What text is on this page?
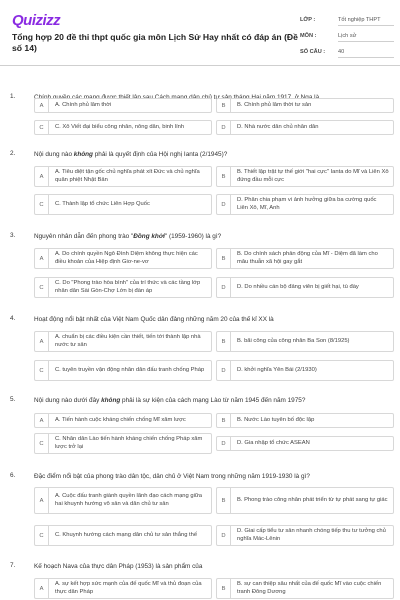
Quizizz
Tổng hợp 20 đề thi thpt quốc gia môn Lịch Sử Hay nhất có đáp án (Đề số 14)
LỚP :	Tốt nghiệp THPT
MÔN :	Lịch sử
SỐ CÂU : 40
1.
A	A. Chính phủ lâm thời	B	B. Chính phủ lâm thời tư sản
C	C. Xô Viết đại biểu công nhân, nông dân, binh lính	D	D. Nhà nước dân chủ nhân dân
2.	Nội dung nào không phải là quyết định của Hội nghị Ianta (2/1945)?
A
A. Tiêu diệt tận gốc chủ nghĩa phát xít Đức và chủ nghĩa quân phiệt Nhật Bản	B
B. Thiết lập trật tự thế giới "hai cực" Ianta do Mĩ và Liên Xô đứng đầu mỗi cực
C	C. Thành lập tổ chức Liên Hợp Quốc	D
D. Phân chia phạm vi ảnh hưởng giữa ba cường quốc Liên Xô, Mĩ, Anh
3.	Nguyên nhân dẫn đến phong trào "Đồng khởi" (1959-1960) là gì?
A
A. Do chính quyền Ngô Đình Diệm không thực hiện các điều khoản của Hiệp định Giơ-ne-vơ	B
B. Do chính sách phản động của Mĩ - Diệm đã làm cho mâu thuẫn xã hội gay gắt
C
C. Do "Phong trào hòa bình" của trí thức và các tầng lớp nhân dân Sài Gòn-Chợ Lớn bị đàn áp	D	D. Do nhiều cán bộ đảng viên bị giết hại, tù đày
4.	Hoạt động nổi bật nhất của Việt Nam Quốc dân đảng những năm 20 của thế kỉ XX là
A
A. chuẩn bị các điều kiện cần thiết, tiến tới thành lập nhà nước tư sản	B	B. bãi công của công nhân Ba Son (8/1925)
C	C. tuyên truyền vận động nhân dân đấu tranh chống Pháp	D	D. khởi nghĩa Yên Bái (2/1930)
5.	Nội dung nào dưới đây không phải là sự kiện của cách mạng Lào từ năm 1945 đến năm 1975?
A	A. Tiến hành cuộc kháng chiến chống Mĩ xâm lược	B	B. Nước Lào tuyên bố độc lập
C
C. Nhân dân Lào tiến hành kháng chiến chống Pháp xâm lược trở lại	D	D. Gia nhập tổ chức ASEAN
6.	Đặc điểm nổi bật của phong trào dân tộc, dân chủ ở Việt Nam trong những năm 1919-1930 là gì?
A
A. Cuộc đấu tranh giành quyền lãnh đạo cách mạng giữa hai khuynh hướng vô sản và dân chủ tư sản	B	B. Phong trào công nhân phát triển từ tự phát sang tự giác
C	C. Khuynh hướng cách mạng dân chủ tư sản thắng thế	D
D. Giai cấp tiểu tư sản nhanh chóng tiếp thu tư tưởng chủ nghĩa Mác-Lênin
7.	Kế hoạch Nava của thực dân Pháp (1953) là sản phẩm của
A
A. sự kết hợp sức mạnh của đế quốc Mĩ và thủ đoạn của thực dân Pháp	B
B. sự can thiệp sâu nhất của đế quốc Mĩ vào cuộc chiến tranh Đông Dương
